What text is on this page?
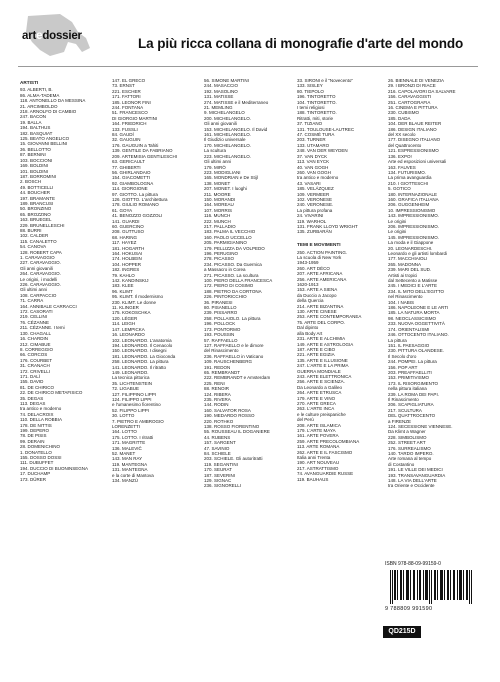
artedossier	La più ricca collana di monografie d'arte del mondo
ARTISTI
93. ALBERTI, B.
86. ALMA-TADEMA
118. ANTONELLO DA MESSINA
21. ARCIMBOLDO
218. ARNOLFO DI CAMBIO
247. BACON
19. BALLA
194. BALTHUS
182. BASQUIAT
125. BEATO ANGELICO
15. GIOVANNI BELLINI
36. BELLOTTO
87. BERNINI
103. BOCCIONI
169. BOLDINI
101. BOLDINI
187. BORROMINI
2. BOSCH
49. BOTTICELLI
44. BOUCHER
197. BRAMANTE
189. BRANCUSI
50. BRONZINO
65. BROZZINO
163. BRUEGEL
229. BRUNELLESCHI
88. BURRI
102. CALDER
115. CANALETTO
54. CANOVA
128. ROBERT CAPA
1. CARAVAGGIO
227. CARAVAGGIO.
Gli anni giovanili
264. CARAVAGGIO.
Le origini, i modelli
226. CARAVAGGIO.
Gli ultimi anni
108. CARPACCIO
71. CARRA
164. ANNIBALE CARRACCI
172. CASORATI
219. CELLINI
76. CÉZANNE
211. CÉZANNE. I temi
130. CHAGALL
16. CHARDIN
212. CIMABUE
8. CORREGGIO
66. CORCOS
176. COURBET
31. CRANACH
172. CRIVELLI
171. DALÌ
155. DAVID
81. DE CHIRICO
22. DE CHIRICO METAFISICO
35. DEGAS
113. DEGAS
tra antico e moderno
74. DELACROIX
110. DELLA ROBBIA
178. DE NITTIS
199. DEPERO
78. DE PISIS
99. DERAIN
28. DOMENICHINO
1. DONATELLO
155. DOSSO DOSSI
111. DUBUFFET
194. DUCCIO DI BUONINSEGNA
17. DUCHAMP
173. DÜRER
147. EL GRECO
73. ERNST
221. ESCHER
171. FATTORI
185. LEONOR FINI
244. FONTANA
51. FRANCESCO
DI GIORGIO MARTINI
164. FRIEDRICH
133. FUSSLI
84. GAUDÍ
32. GAUGUIN
176. GAUGUIN a Tahiti
139. GENTILE DA FABRIANO
209. ARTEMISIA GENTILESCHI
63. GERICAULT
77. GHIBERTI
56. GHIRLANDAIO
154. GIACOMETTI
92. GIAMBOLOGNA
114. GIORGIONE
97. GIOTTO. La pittura
126. GIOTTO. L'architettura
178. GIULIO ROMANO
61. GOYA
41. BENOZZO GOZZOLI
141. GUARDI
60. GUERCINO
208. GUTTUSO
68. HARING
117. HAYEZ
181. HOGARTH
164. HOKUSAI
174. HOLBEIN
104. HOPPER
182. INGRES
79. KAHLO
142. KANDINSKIJ
183. KLEE
96. KLIMT
95. KLIMT. Il modernismo
230. KLIMT. Le donne
11. KLINGER
175. KOKOSCHKA
120. LÉGER
114. LEIGH
147. LEMPICKA
16. LEONARDO
102. LEONARDO. L'anatomia
194. LEONARDO. Il Cenacolo
150. LEONARDO. I disegni
181. LEONARDO. La Gioconda
258. LEONARDO. La pittura
141. LEONARDO. Il ritratto
149. LEONARDO.
La tecnica pittorica
35. LICHTENSTEIN
72. LIGABUE
127. FILIPPINO LIPPI
124. FILIPPO LIPPI
e l'umanesimo fiorentino
52. FILIPPO LIPPI
30. LOTTO
7. PIETRO E AMBROGIO
LORENZETTI
164. LOTTO
175. LOTTO. I ritratti
171. MAGRITTE
136. MALEVIČ
52. MANET
143. MAN RAY
119. MANTEGNA
131. MANTEGNA
e la corte di Mantova
134. MANZÙ
56. SIMONE MARTINI
244. MASACCIO
192. MASOLINO
131. MATISSE
274. MATISSE e il Mediterraneo
21. MEMLING
9. MICHELANGELO
200. MICHELANGELO.
Gli anni giovanili
153. MICHELANGELO. Il David
161. MICHELANGELO.
Il Giudizio universale
170. MICHELANGELO.
La scultura
223. MICHELANGELO.
Gli ultimi anni
179. MIRÒ
223. MODIGLIANI
165. MONDRIAN e De Stijl
138. MONET
207. MONET. I luoghi
211. MOORE
150. MORANDI
164. MOREAU
107. MORRIS
116. MUNCH
222. MUNCH
217. PALLADIO
183. PALMA IL VECCHIO
160. PAOLO UCCELLO
205. PARMIGIANINO
179. PELLIZZA DA VOLPEDO
196. PERUGINO
278. PICASSO
234. PICASSO. Da Guernica
a Massacro in Corea
271. PICASSO. La scultura
100. PIERO DELLA FRANCESCA
172. PIERO DI COSIMO
188. PIETRO DA CORTONA
226. PINTORICCHIO
36. PIRANESI
80. PISANELLO
239. PISSARRO
258. POLLAIOLO. La pittura
196. POLLOCK
173. PONTORMO
193. POUSSIN
57. RAFFAELLO
127. RAFFAELLO e le dimore
del Rinascimento
236. RAFFAELLO in Vaticano
109. RAUSCHENBERG
191. REDON
65. REMBRANDT
222. REMBRANDT e Amsterdam
225. RENI
88. RENOIR
124. RIBERA
235. RIVERA
144. RODIN
160. SALVATOR ROSA
190. MEDARDO ROSSO
220. ROTHKO
138. ROSSO FIORENTINO
55. ROUSSEAU IL DOGANIERE
44. RUBENS
157. SARGENT
47. SAVINIO
84. SCHIELE
203. SCHIELE. Gli autoritratti
119. SEGANTINI
170. SEURAT
187. SEVERINI
129. SIGNAC
236. SIGNORELLI
33. SIRONI e il "Novecento"
133. SISLEY
80. TIEPOLO
196. TINTORETTO
104. TINTORETTO.
I temi religiosi
188. TINTORETTO.
Ritratti, miti, storie
37. TIZIANO
131. TOULOUSE-LAUTREC
47. COSMÈ TURA
203. TURNER
133. UTAMARO
248. VAN DER WEYDEN
37. VAN DYCK
113. VAN EYCK
40. VAN GOGH
260. VAN GOGH
tra antico e moderno
43. VASARI
185. VELÁZQUEZ
109. VERMEER
102. VERONESE
240. VERONESE.
La pittura profana
24. VIVARINI
119. WARHOL
131. FRANK LLOYD WRIGHT
135. ZURBARÁN

TEMI E MOVIMENTI
250. ACTION PAINTING.
La scuola di New York
1943-1959
260. ART DÉCO
207. ARTE AFRICANA
256. ARTE AMERICANA
1620-1913
153. ARTE A SIENA
da Duccio a Jacopo
della Quercia
214. ARTE BIZANTINA
130. ARTE CINESE
253. ARTE CONTEMPORANEA
75. ARTE DEL CORPO.
Dal dipinto
alla Body Art
231. ARTE E ALCHIMIA
149. ARTE E ASTROLOGIA
187. ARTE E CIBO
221. ARTE EGIZIA
135. ARTE E ILLUSIONE
247. L'ARTE E LA PRIMA
GUERRA MONDIALE
243. ARTE ELETTRONICA
256. ARTE E SCIENZA.
Da Leonardo a Galileo
264. ARTE ETRUSCA
179. ARTE E VINO
270. ARTE GRECA
263. L'ARTE INCA
e le culture preispaniche
del Perù
208. ARTE ISLAMICA
179. L'ARTE MAYA
161. ARTE POVERA
259. ARTE PRECOLOMBIANA
113. ARTE ROMANA
262. ARTE E IL FASCISMO
Italia anni Trenta
190. ART NOUVEAU
217. ASTRATTISMO
74. AVANGUARDIE RUSSE
119. BAUHAUS
26. BIENNALE DI VENEZIA
29. I BRONZI DI RIACE
216. CAPOLAVORI DA SALVARE
156. CARAVAGGISTI
251. CARTOGRAFIA
16. CINEMA E PITTURA
230. CUBISMO
185. DADA
104. DER BLAUE REITER
186. DESIGN ITALIANO
del XX secolo
177. DISEGNO ITALIANO
del Quattrocento
121. ESPRESSIONISMO
136. EXPO!
Arte ed esposizioni universali
163. FAUVES
134. FUTURISMO.
La prima avanguardia
210. I GIOTTESCHI
5. GOTICO
180. INTERNAZIONALE
160. GRAFICA ITALIANA
206. GUGGENHEIM
10. IMPRESSIONISMO
143. IMPRESSIONISMO.
Le origini
206. IMPRESSIONISMO.
Le origini
145. IMPRESSIONISMO.
La moda e il Giappone
20. LEONARDESCHI.
Leonardo e gli artisti lombardi
177. MACCHIAIOLI
265. MADONNA
239. MARI DEL SUD.
Artisti ai tropici
dal Settecento a Matisse
245. I MEDICI E L'ARTE
234. IL MITO DELL'EGITTO
nel Rinascimento
104. I NABIS
186. NAPOLEONE E LE ARTI
185. LA NATURA MORTA
98. NEOCLASSICISMO
233. NUOVA OGGETTIVITÀ
174. ORIENTALISMI
246. OTTOCENTO ITALIANO.
La pittura
151. IL PAESAGGIO
230. PITTURA OLANDESE.
Il Secolo d'oro
244. POMPEI. La pittura
156. POP ART
203. PREAFFAELLITI
153. PRIMITIVISMO
173. IL RISORGIMENTO
nella pittura italiana
239. LA ROMA DEI PAPI.
Il Rinascimento
206. SCAPIGLIATURA
217. SCULTURA
DEL QUATTROCENTO
a FIRENZE
124. SECESSIONE VIENNESE.
Da Klimt a Wagner
228. SIMBOLISMO
252. STREET ART
176. SURREALISMO
140. TARDO IMPERO.
Arte romana al tempo
di Costantino
191. LE VILLE DEI MEDICI
193. TRANSAVANGUARDIA
148. LA VIA DELL'ARTE
tra Oriente e Occidente
ISBN 978-88-09-99159-0
9 788809 991590
QD215D
